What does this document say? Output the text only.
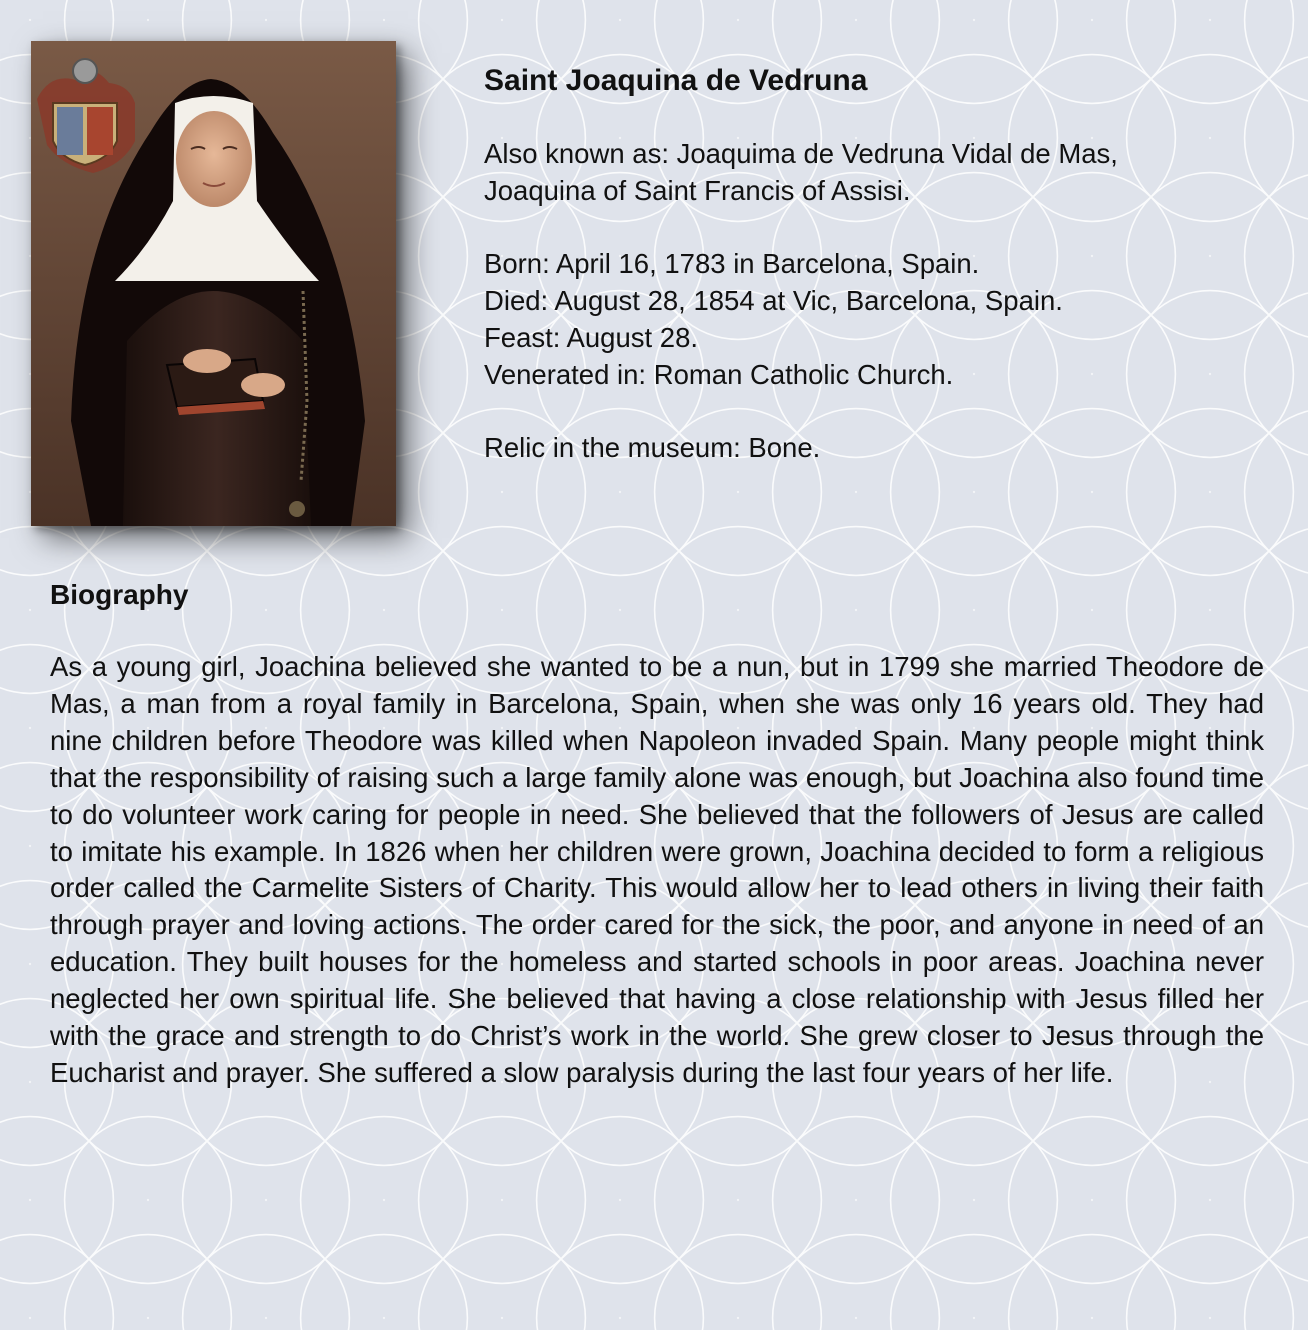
Saint Joaquina de Vedruna

Also known as: Joaquima de Vedruna Vidal de Mas,
Joaquina of Saint Francis of Assisi.

Born: April 16, 1783 in Barcelona, Spain.
Died: August 28, 1854 at Vic, Barcelona, Spain.
Feast: August 28.
Venerated in: Roman Catholic Church.

Relic in the museum: Bone.

Biography

As a young girl, Joachina believed she wanted to be a nun, but in 1799 she married Theodore de Mas, a man from a royal family in Barcelona, Spain, when she was only 16 years old. They had nine children before Theodore was killed when Napoleon invaded Spain. Many people might think that the responsibility of raising such a large family alone was enough, but Joachina also found time to do volunteer work caring for people in need. She believed that the followers of Jesus are called to imitate his example. In 1826 when her children were grown, Joachina decided to form a religious order called the Carmelite Sisters of Charity. This would allow her to lead others in living their faith through prayer and loving actions. The order cared for the sick, the poor, and anyone in need of an education. They built houses for the homeless and started schools in poor areas. Joachina never neglected her own spiritual life. She believed that having a close relationship with Jesus filled her with the grace and strength to do Christ’s work in the world. She grew closer to Jesus through the Eucharist and prayer. She suffered a slow paralysis during the last four years of her life.
